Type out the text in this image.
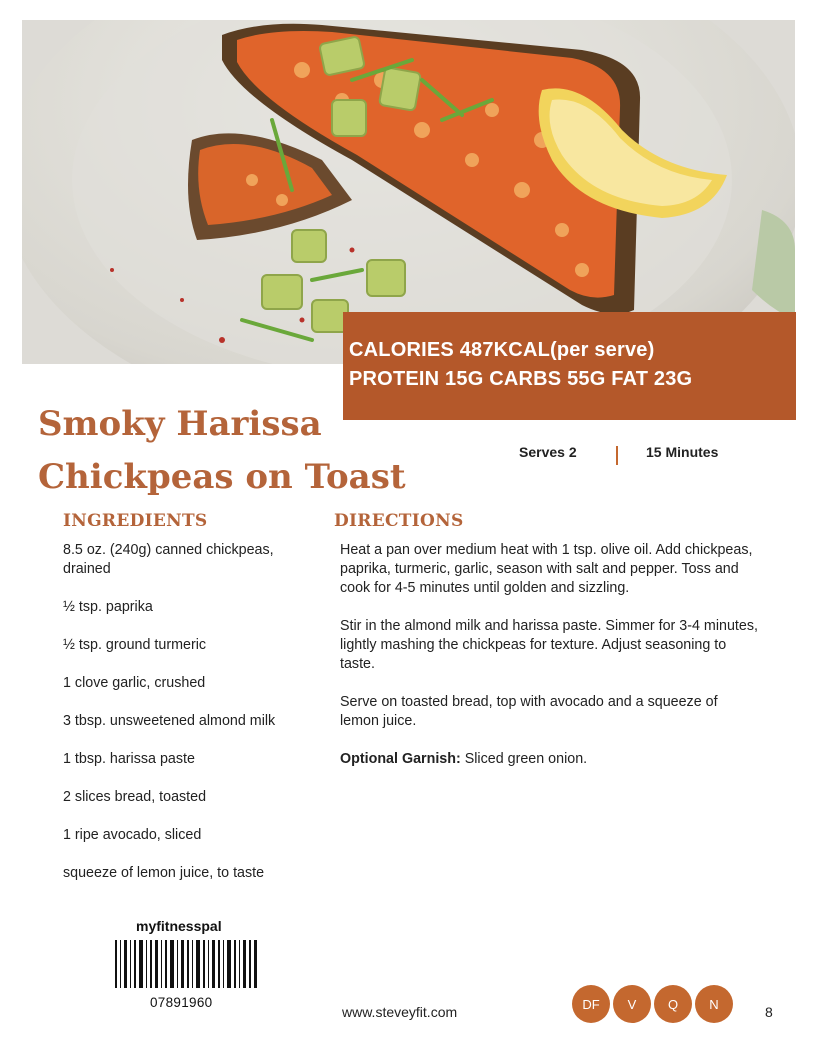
CALORIES 487KCAL(per serve)
PROTEIN 15G CARBS 55G FAT 23G
Smoky Harissa
Chickpeas on Toast
Serves 2	15 Minutes
INGREDIENTS	DIRECTIONS
8.5 oz. (240g) canned chickpeas, drained
½ tsp. paprika
½ tsp. ground turmeric
1 clove garlic, crushed
3 tbsp. unsweetened almond milk
1 tbsp. harissa paste
2 slices bread, toasted
1 ripe avocado, sliced
squeeze of lemon juice, to taste

Heat a pan over medium heat with 1 tsp. olive oil. Add chickpeas, paprika, turmeric, garlic, season with salt and pepper. Toss and cook for 4-5 minutes until golden and sizzling.

Stir in the almond milk and harissa paste. Simmer for 3-4 minutes, lightly mashing the chickpeas for texture. Adjust seasoning to taste.

Serve on toasted bread, top with avocado and a squeeze of lemon juice.

Optional Garnish: Sliced green onion.

myfitnesspal
07891960
www.steveyfit.com	DF	V	Q	N	8
